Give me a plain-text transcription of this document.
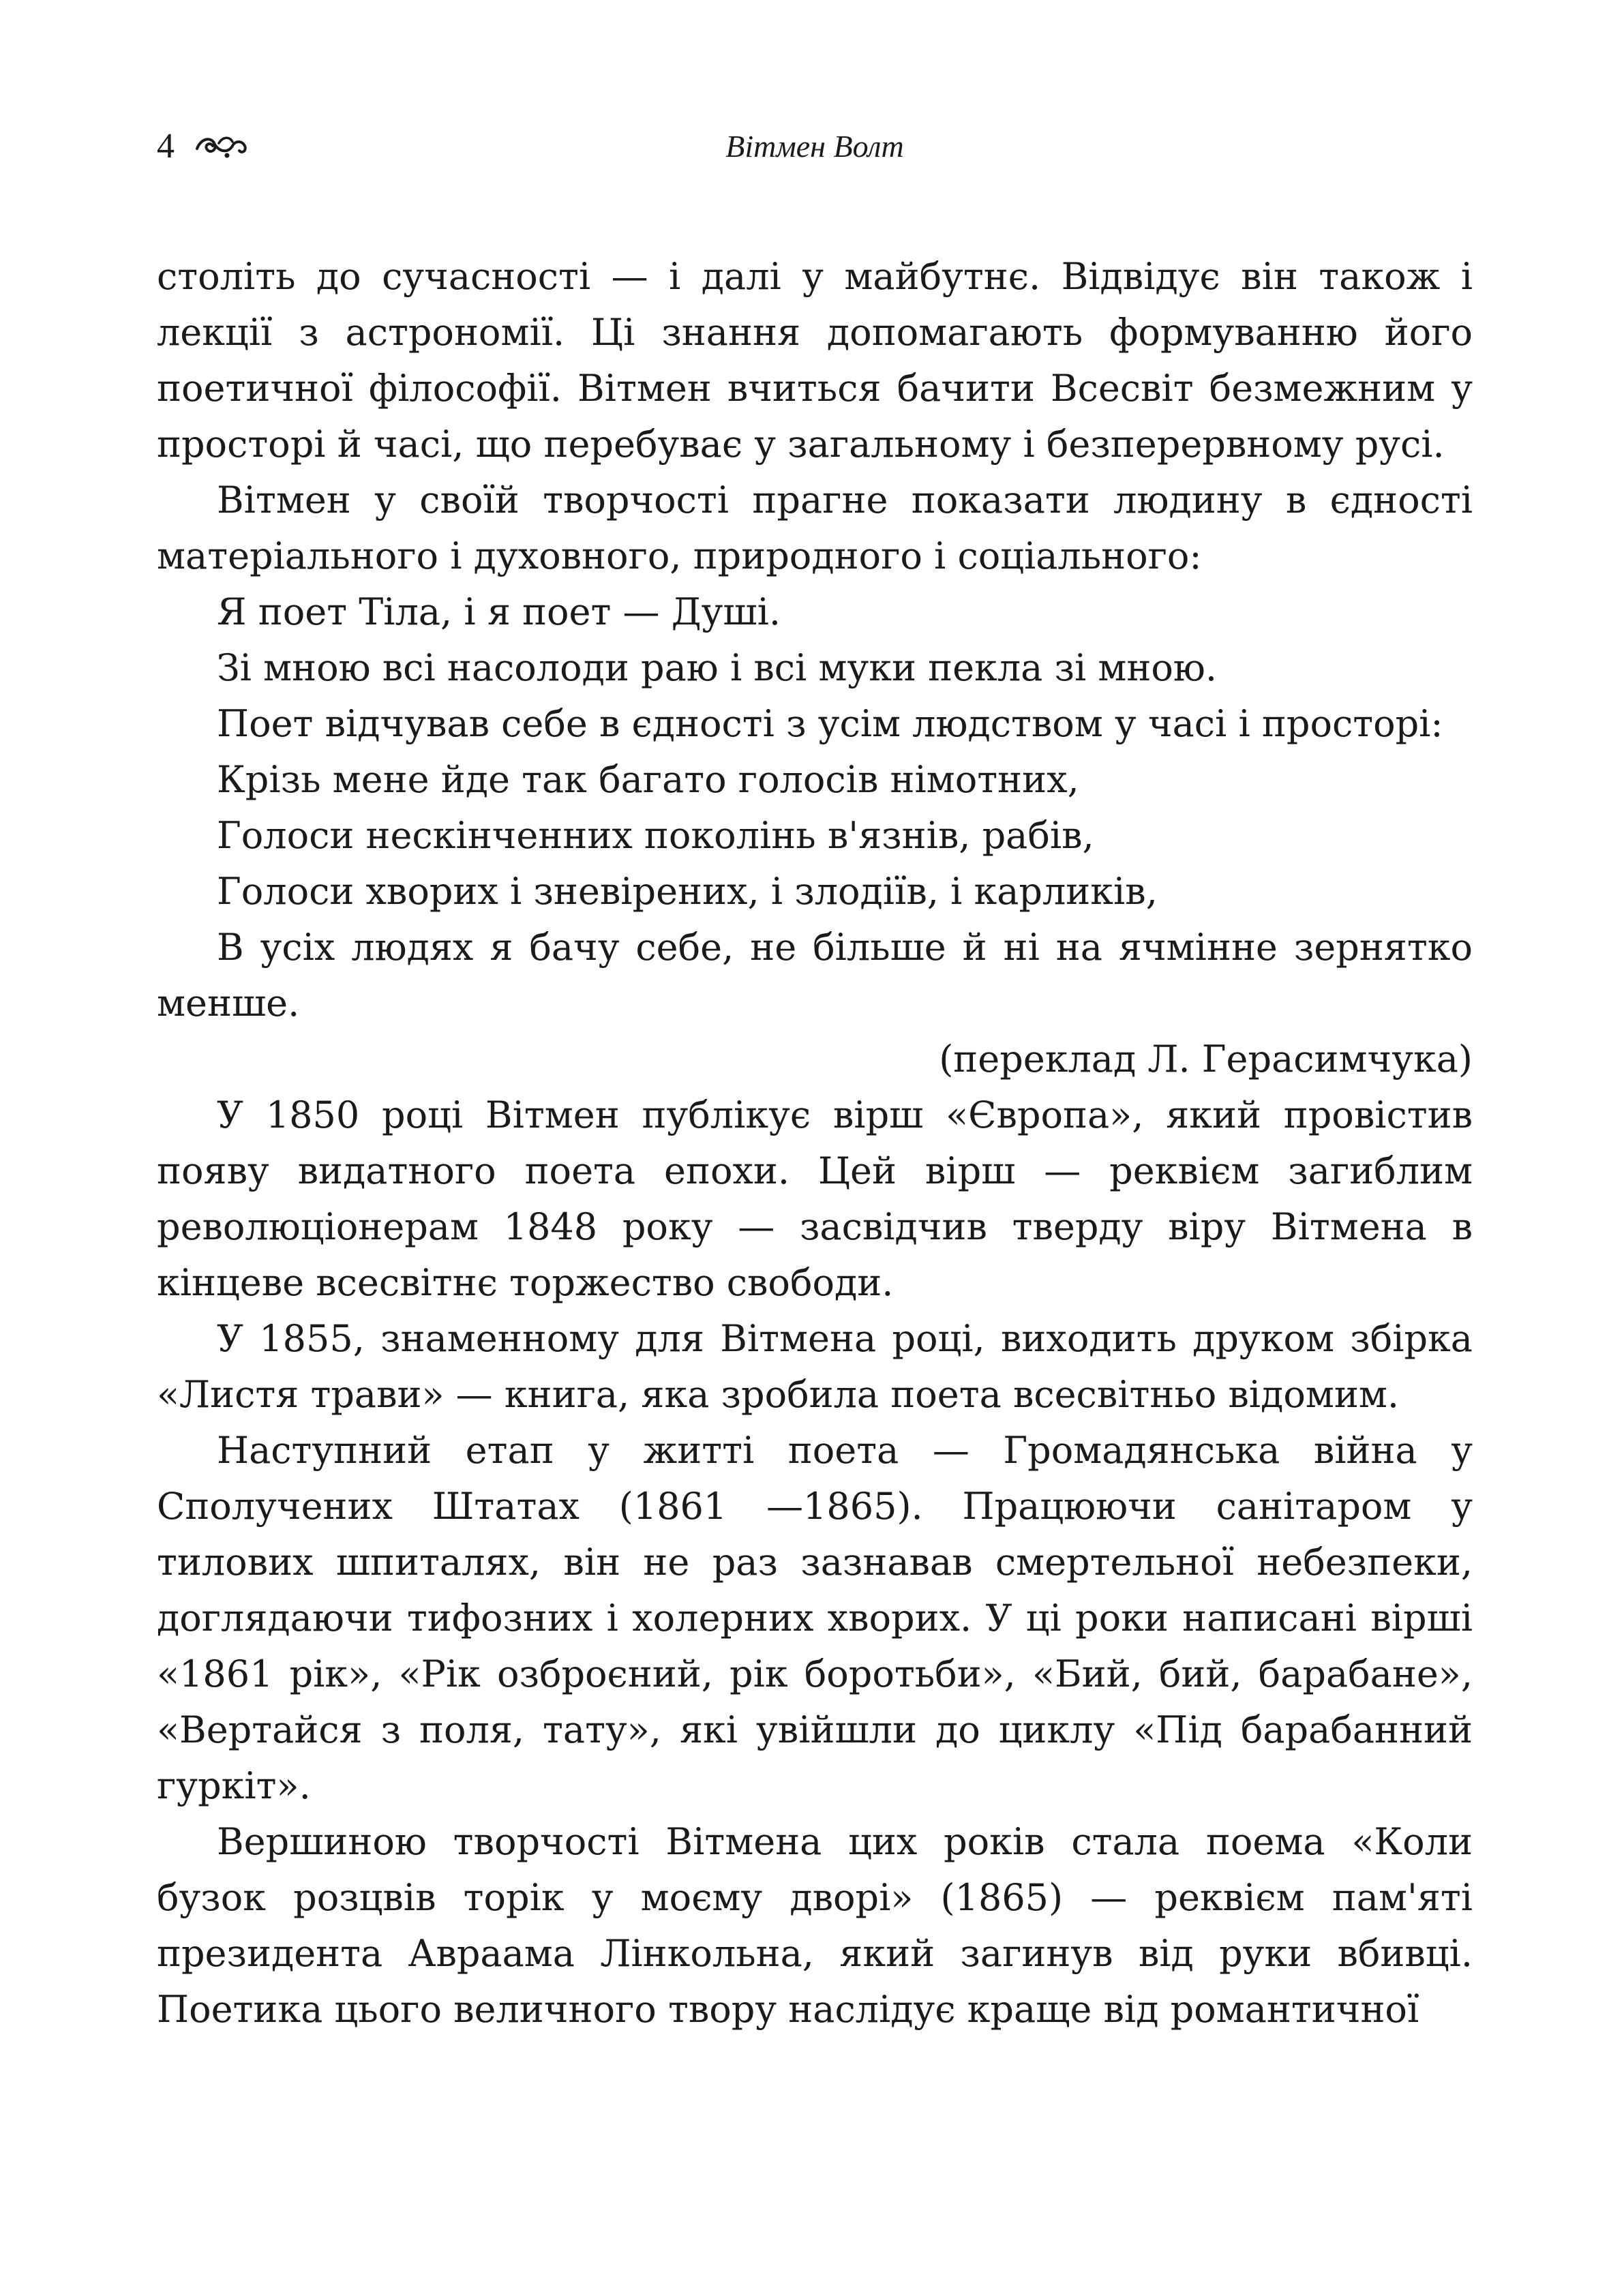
4	Вітмен Волт

століть до сучасності — і далі у майбутнє. Відвідує він також і лекції з астрономії. Ці знання допомагають формуванню його поетичної філософії. Вітмен вчиться бачити Всесвіт безмежним у просторі й часі, що перебуває у загальному і безперервному русі.

Вітмен у своїй творчості прагне показати людину в єдності матеріального і духовного, природного і соціального:

Я поет Тіла, і я поет — Душі.

Зі мною всі насолоди раю і всі муки пекла зі мною.

Поет відчував себе в єдності з усім людством у часі і просторі:

Крізь мене йде так багато голосів німотних,

Голоси нескінченних поколінь в'язнів, рабів,

Голоси хворих і зневірених, і злодіїв, і карликів,

В усіх людях я бачу себе, не більше й ні на ячмінне зернятко менше.

(переклад Л. Герасимчука)

У 1850 році Вітмен публікує вірш «Європа», який провістив появу видатного поета епохи. Цей вірш — реквієм загиблим революціонерам 1848 року — засвідчив тверду віру Вітмена в кінцеве всесвітнє торжество свободи.

У 1855, знаменному для Вітмена році, виходить друком збірка «Листя трави» — книга, яка зробила поета всесвітньо відомим.

Наступний етап у житті поета — Громадянська війна у Сполучених Штатах (1861 —1865). Працюючи санітаром у тилових шпиталях, він не раз зазнавав смертельної небезпеки, доглядаючи тифозних і холерних хворих. У ці роки написані вірші «1861 рік», «Рік озброєний, рік боротьби», «Бий, бий, барабане», «Вертайся з поля, тату», які увійшли до циклу «Під барабанний гуркіт».

Вершиною творчості Вітмена цих років стала поема «Коли бузок розцвів торік у моєму дворі» (1865) — реквієм пам'яті президента Авраама Лінкольна, який загинув від руки вбивці. Поетика цього величного твору наслідує краще від романтичної
